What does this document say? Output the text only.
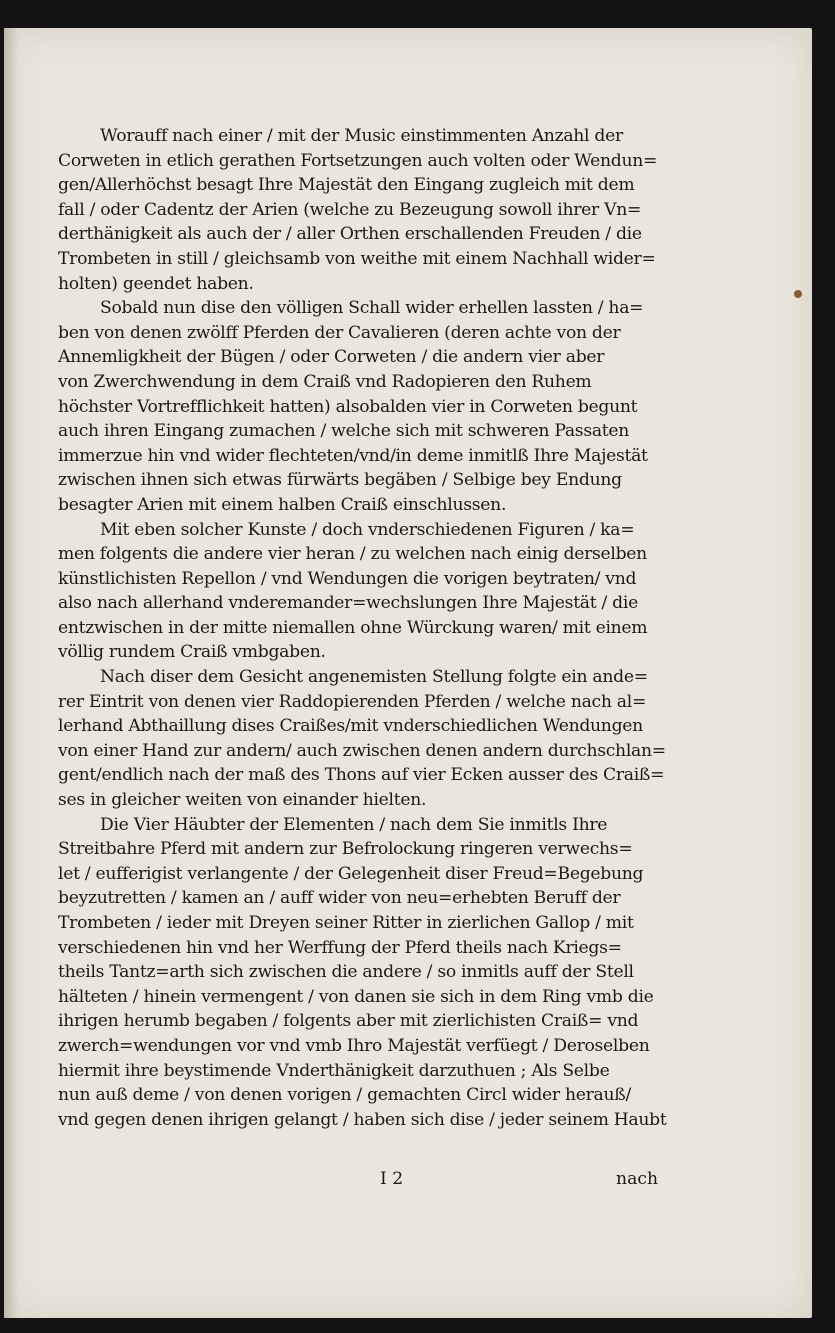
Worauff nach einer / mit der Music einstimmenten Anzahl der
Corweten in etlich gerathen Fortsetzungen auch volten oder Wendun=
gen/Allerhöchst besagt Ihre Majestät den Eingang zugleich mit dem
fall / oder Cadentz der Arien (welche zu Bezeugung sowoll ihrer Vn=
derthänigkeit als auch der / aller Orthen erschallenden Freuden / die
Trombeten in still / gleichsamb von weithe mit einem Nachhall wider=
holten) geendet haben.
Sobald nun dise den völligen Schall wider erhellen lassten / ha=
ben von denen zwölff Pferden der Cavalieren (deren achte von der
Annemligkheit der Bügen / oder Corweten / die andern vier aber
von Zwerchwendung in dem Craiß vnd Radopieren den Ruhem
höchster Vortrefflichkeit hatten) alsobalden vier in Corweten begunt
auch ihren Eingang zumachen / welche sich mit schweren Passaten
immerzue hin vnd wider flechteten/vnd/in deme inmitlß Ihre Majestät
zwischen ihnen sich etwas fürwärts begäben / Selbige bey Endung
besagter Arien mit einem halben Craiß einschlussen.
Mit eben solcher Kunste / doch vnderschiedenen Figuren / ka=
men folgents die andere vier heran / zu welchen nach einig derselben
künstlichisten Repellon / vnd Wendungen die vorigen beytraten/ vnd
also nach allerhand vnderemander=wechslungen Ihre Majestät / die
entzwischen in der mitte niemallen ohne Würckung waren/ mit einem
völlig rundem Craiß vmbgaben.
Nach diser dem Gesicht angenemisten Stellung folgte ein ande=
rer Eintrit von denen vier Raddopierenden Pferden / welche nach al=
lerhand Abthaillung dises Craißes/mit vnderschiedlichen Wendungen
von einer Hand zur andern/ auch zwischen denen andern durchschlan=
gent/endlich nach der maß des Thons auf vier Ecken ausser des Craiß=
ses in gleicher weiten von einander hielten.
Die Vier Häubter der Elementen / nach dem Sie inmitls Ihre
Streitbahre Pferd mit andern zur Befrolockung ringeren verwechs=
let / eufferigist verlangente / der Gelegenheit diser Freud=Begebung
beyzutretten / kamen an / auff wider von neu=erhebten Beruff der
Trombeten / ieder mit Dreyen seiner Ritter in zierlichen Gallop / mit
verschiedenen hin vnd her Werffung der Pferd theils nach Kriegs=
theils Tantz=arth sich zwischen die andere / so inmitls auff der Stell
hälteten / hinein vermengent / von danen sie sich in dem Ring vmb die
ihrigen herumb begaben / folgents aber mit zierlichisten Craiß= vnd
zwerch=wendungen vor vnd vmb Ihro Majestät verfüegt / Deroselben
hiermit ihre beystimende Vnderthänigkeit darzuthuen ; Als Selbe
nun auß deme / von denen vorigen / gemachten Circl wider herauß/
vnd gegen denen ihrigen gelangt / haben sich dise / jeder seinem Haubt
I 2	nach
